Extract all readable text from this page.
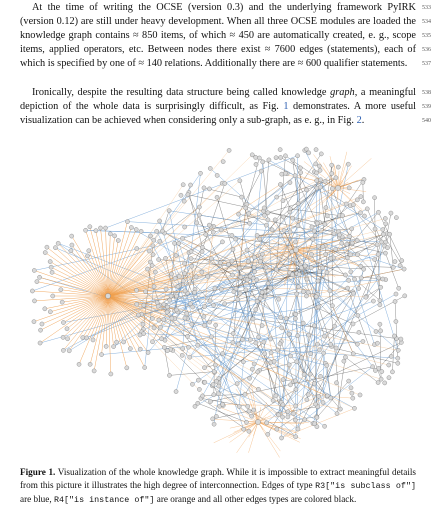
At the time of writing the OCSE (version 0.3) and the underlying framework PyIRK (version 0.12) are still under heavy development. When all three OCSE modules are loaded the knowledge graph contains ≈ 850 items, of which ≈ 450 are automatically created, e. g., scope items, applied operators, etc. Between nodes there exist ≈ 7600 edges (statements), each of which is specified by one of ≈ 140 relations. Additionally there are ≈ 600 qualifier statements.

Ironically, despite the resulting data structure being called knowledge graph, a meaningful depiction of the whole data is surprisingly difficult, as Fig. 1 demonstrates. A more useful visualization can be achieved when considering only a sub-graph, as e. g., in Fig. 2.

533
534
535
536
537
538
539
540

Figure 1. Visualization of the whole knowledge graph. While it is impossible to extract meaningful details from this picture it illustrates the high degree of interconnection. Edges of type R3["is subclass of"] are blue, R4["is instance of"] are orange and all other edges types are colored black.
